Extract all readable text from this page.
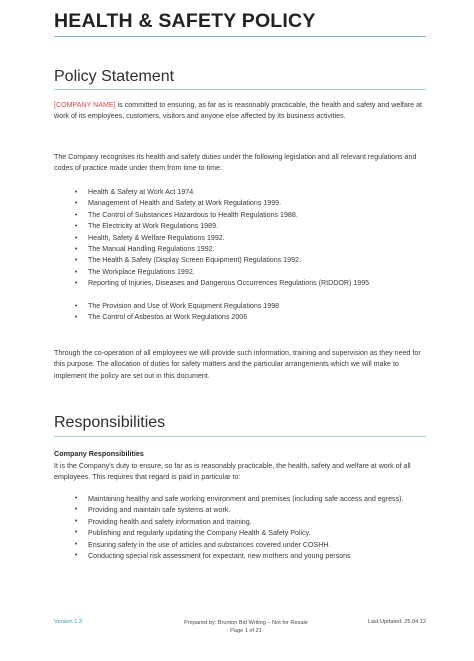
HEALTH & SAFETY POLICY
Policy Statement

[COMPANY NAME] is committed to ensuring, as far as is reasonably practicable, the health and safety and welfare at work of its employees, customers, visitors and anyone else affected by its business activities.

The Company recognises its health and safety duties under the following legislation and all relevant regulations and codes of practice made under them from time to time:

• Health & Safety at Work Act 1974.
• Management of Health and Safety at Work Regulations 1999.
• The Control of Substances Hazardous to Health Regulations 1988.
• The Electricity at Work Regulations 1989.
• Health, Safety & Welfare Regulations 1992.
• The Manual Handling Regulations 1992.
• The Health & Safety (Display Screen Equipment) Regulations 1992.
• The Workplace Regulations 1992.
• Reporting of Injuries, Diseases and Dangerous Occurrences Regulations (RIDDOR) 1995
• The Provision and Use of Work Equipment Regulations 1998
• The Control of Asbestos at Work Regulations 2006

Through the co-operation of all employees we will provide such information, training and supervision as they need for this purpose. The allocation of duties for safety matters and the particular arrangements which we will make to implement the policy are set out in this document.

Responsibilities
Company Responsibilities

It is the Company's duty to ensure, so far as is reasonably practicable, the health, safety and welfare at work of all employees. This requires that regard is paid in particular to:

• Maintaining healthy and safe working environment and premises (including safe access and egress).
• Providing and maintain safe systems at work.
• Providing health and safety information and training.
• Publishing and regularly updating the Company Health & Safety Policy.
• Ensuring safety in the use of articles and substances covered under COSHH.
• Conducting special risk assessment for expectant, new mothers and young persons
Version 1.3	Prepared by: Brunton Bid Writing – Not for Resale
Page 1 of 21
Last Updated: 25.04.12
